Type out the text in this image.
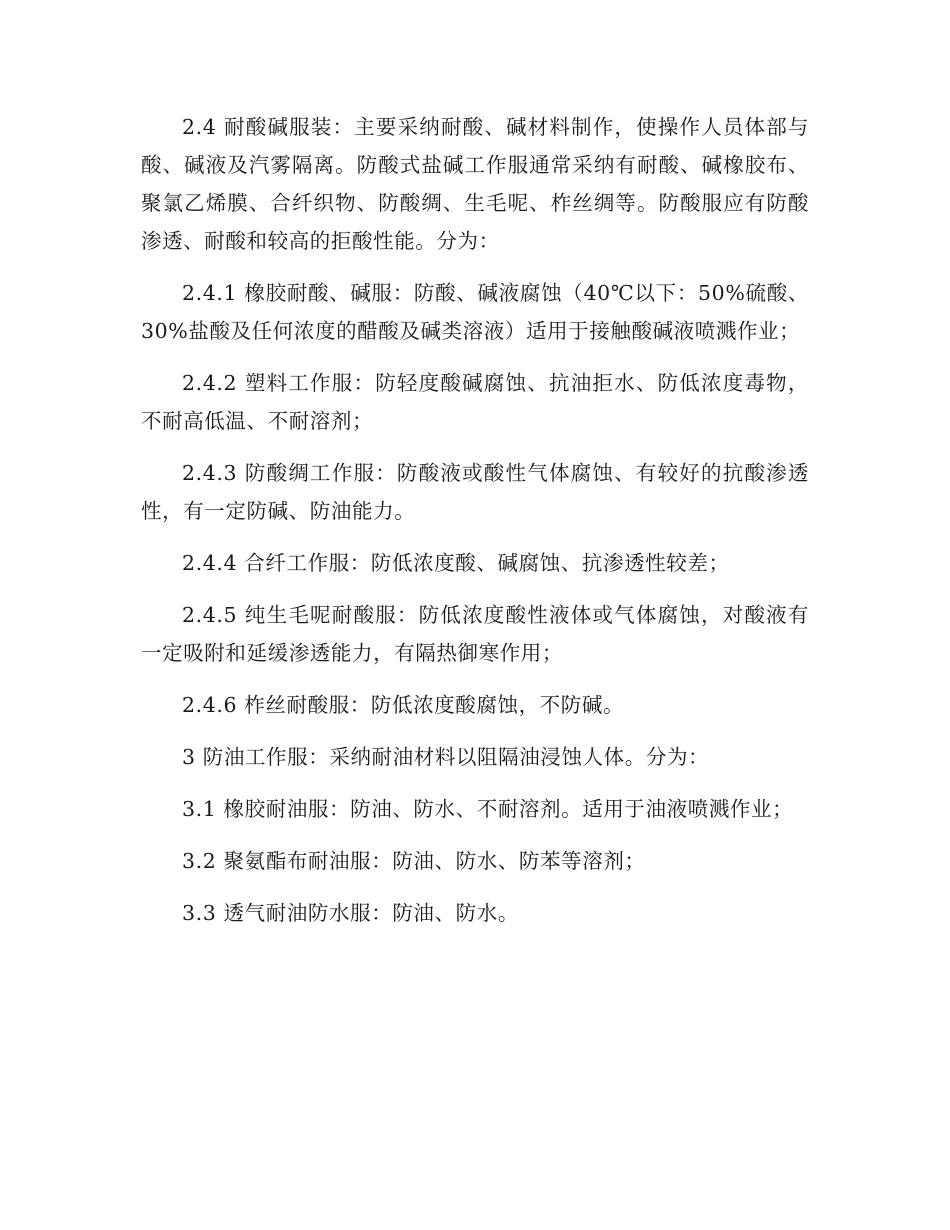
2.4 耐酸碱服装：主要采纳耐酸、碱材料制作，使操作人员体部与酸、碱液及汽雾隔离。防酸式盐碱工作服通常采纳有耐酸、碱橡胶布、聚氯乙烯膜、合纤织物、防酸绸、生毛呢、柞丝绸等。防酸服应有防酸渗透、耐酸和较高的拒酸性能。分为：

2.4.1 橡胶耐酸、碱服：防酸、碱液腐蚀（40℃以下：50%硫酸、30%盐酸及任何浓度的醋酸及碱类溶液）适用于接触酸碱液喷溅作业；

2.4.2 塑料工作服：防轻度酸碱腐蚀、抗油拒水、防低浓度毒物，不耐高低温、不耐溶剂；

2.4.3 防酸绸工作服：防酸液或酸性气体腐蚀、有较好的抗酸渗透性，有一定防碱、防油能力。

2.4.4 合纤工作服：防低浓度酸、碱腐蚀、抗渗透性较差；

2.4.5 纯生毛呢耐酸服：防低浓度酸性液体或气体腐蚀，对酸液有一定吸附和延缓渗透能力，有隔热御寒作用；

2.4.6 柞丝耐酸服：防低浓度酸腐蚀，不防碱。

3 防油工作服：采纳耐油材料以阻隔油浸蚀人体。分为：

3.1 橡胶耐油服：防油、防水、不耐溶剂。适用于油液喷溅作业；

3.2 聚氨酯布耐油服：防油、防水、防苯等溶剂；

3.3 透气耐油防水服：防油、防水。
